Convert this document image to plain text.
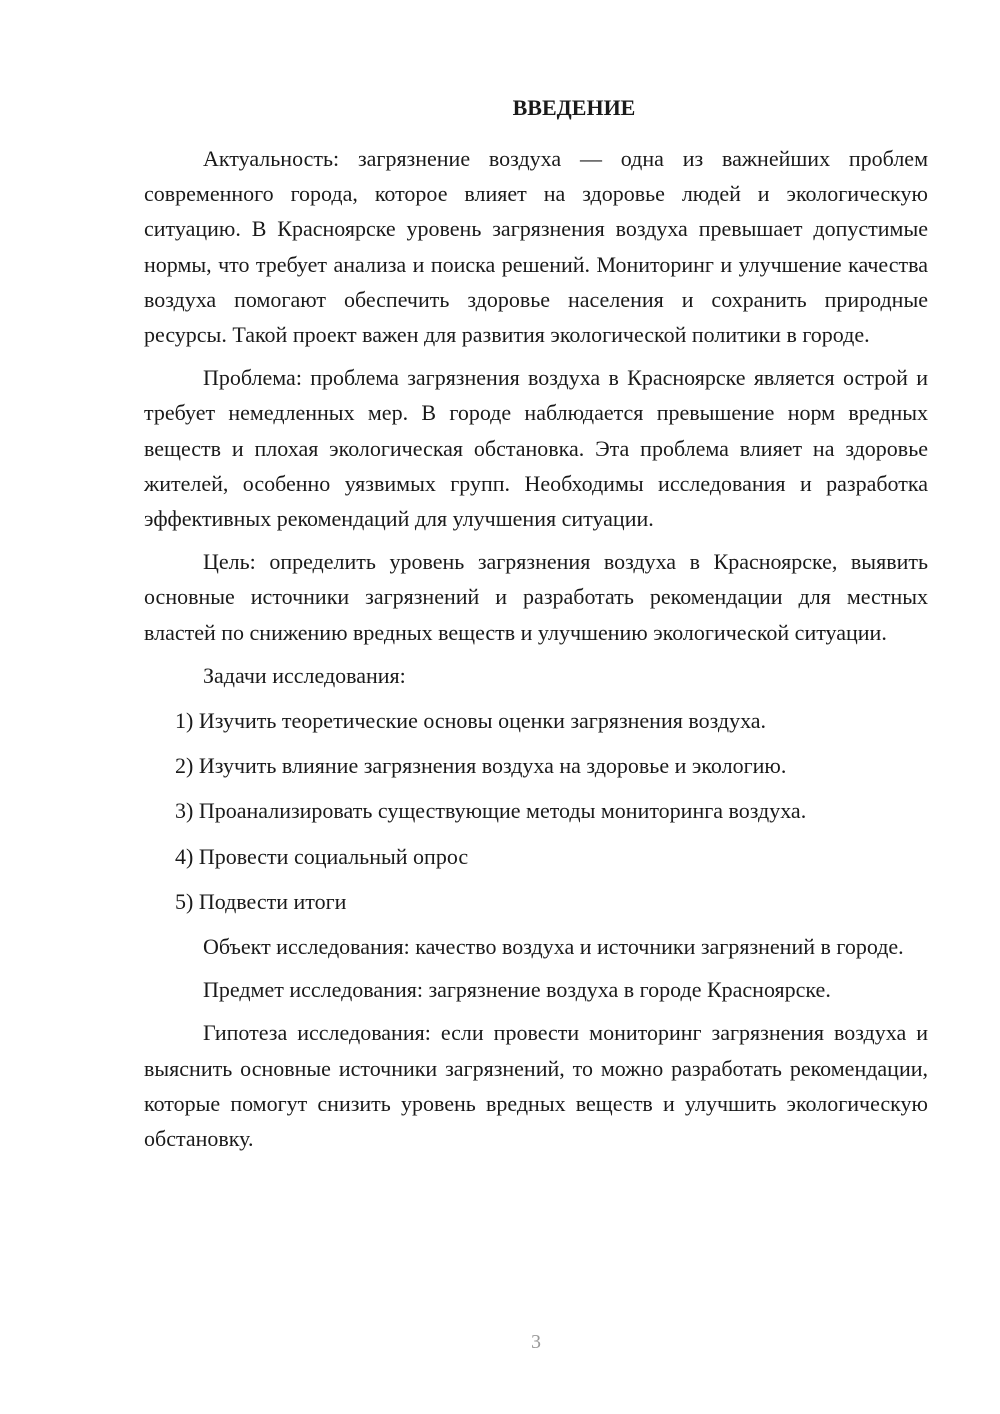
ВВЕДЕНИЕ

Актуальность: загрязнение воздуха — одна из важнейших проблем современного города, которое влияет на здоровье людей и экологическую ситуацию. В Красноярске уровень загрязнения воздуха превышает допустимые нормы, что требует анализа и поиска решений. Мониторинг и улучшение качества воздуха помогают обеспечить здоровье населения и сохранить природные ресурсы. Такой проект важен для развития экологической политики в городе.

Проблема: проблема загрязнения воздуха в Красноярске является острой и требует немедленных мер. В городе наблюдается превышение норм вредных веществ и плохая экологическая обстановка. Эта проблема влияет на здоровье жителей, особенно уязвимых групп. Необходимы исследования и разработка эффективных рекомендаций для улучшения ситуации.

Цель: определить уровень загрязнения воздуха в Красноярске, выявить основные источники загрязнений и разработать рекомендации для местных властей по снижению вредных веществ и улучшению экологической ситуации.

Задачи исследования:

1) Изучить теоретические основы оценки загрязнения воздуха.
2) Изучить влияние загрязнения воздуха на здоровье и экологию.
3) Проанализировать существующие методы мониторинга воздуха.
4) Провести социальный опрос
5) Подвести итоги

Объект исследования: качество воздуха и источники загрязнений в городе.

Предмет исследования: загрязнение воздуха в городе Красноярске.

Гипотеза исследования: если провести мониторинг загрязнения воздуха и выяснить основные источники загрязнений, то можно разработать рекомендации, которые помогут снизить уровень вредных веществ и улучшить экологическую обстановку.

3
